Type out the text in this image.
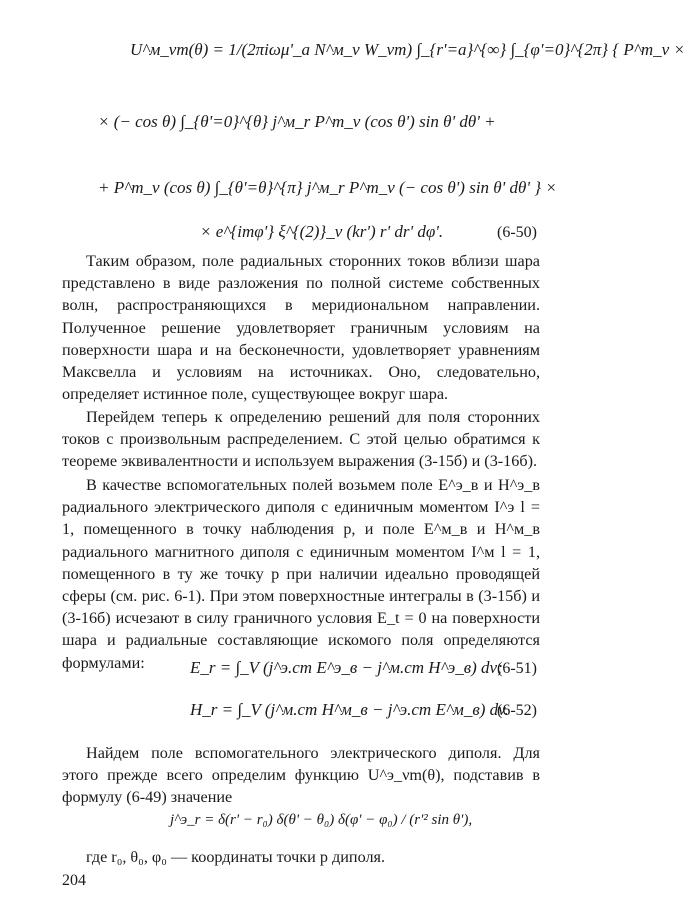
U^м_νm(θ) = 1/(2πiωμ'_a N^м_ν W_νm) ∫_{r'=a}^{∞} ∫_{φ'=0}^{2π} { P^m_ν ×
× (− cos θ) ∫_{θ'=0}^{θ} j^м_r P^m_ν (cos θ') sin θ' dθ' +
+ P^m_ν (cos θ) ∫_{θ'=θ}^{π} j^м_r P^m_ν (− cos θ') sin θ' dθ' } ×
× e^{imφ'} ξ^{(2)}_ν (kr') r' dr' dφ'.	(6-50)

Таким образом, поле радиальных сторонних токов вблизи шара представлено в виде разложения по полной системе собственных волн, распространяющихся в меридиональном направлении. Полученное решение удовлетворяет граничным условиям на поверхности шара и на бесконечности, удовлетворяет уравнениям Максвелла и условиям на источниках. Оно, следовательно, определяет истинное поле, существующее вокруг шара.

Перейдем теперь к определению решений для поля сторонних токов с произвольным распределением. С этой целью обратимся к теореме эквивалентности и используем выражения (3-15б) и (3-16б).

В качестве вспомогательных полей возьмем поле E^э_в и H^э_в радиального электрического диполя с единичным моментом I^э l = 1, помещенного в точку наблюдения p, и поле E^м_в и H^м_в радиального магнитного диполя с единичным моментом I^м l = 1, помещенного в ту же точку p при наличии идеально проводящей сферы (см. рис. 6-1). При этом поверхностные интегралы в (3-15б) и (3-16б) исчезают в силу граничного условия E_t = 0 на поверхности шара и радиальные составляющие искомого поля определяются формулами:	E_r = ∫_V (j^э.ст E^э_в − j^м.ст H^э_в) dv;
(6-51)
H_r = ∫_V (j^м.ст H^м_в − j^э.ст E^м_в) dv.
(6-52)

Найдем поле вспомогательного электрического диполя. Для этого прежде всего определим функцию U^э_νm(θ), подставив в формулу (6-49) значение

j^э_r = δ(r' − r₀) δ(θ' − θ₀) δ(φ' − φ₀) / (r'² sin θ'),

где r₀, θ₀, φ₀ — координаты точки p диполя.

204
